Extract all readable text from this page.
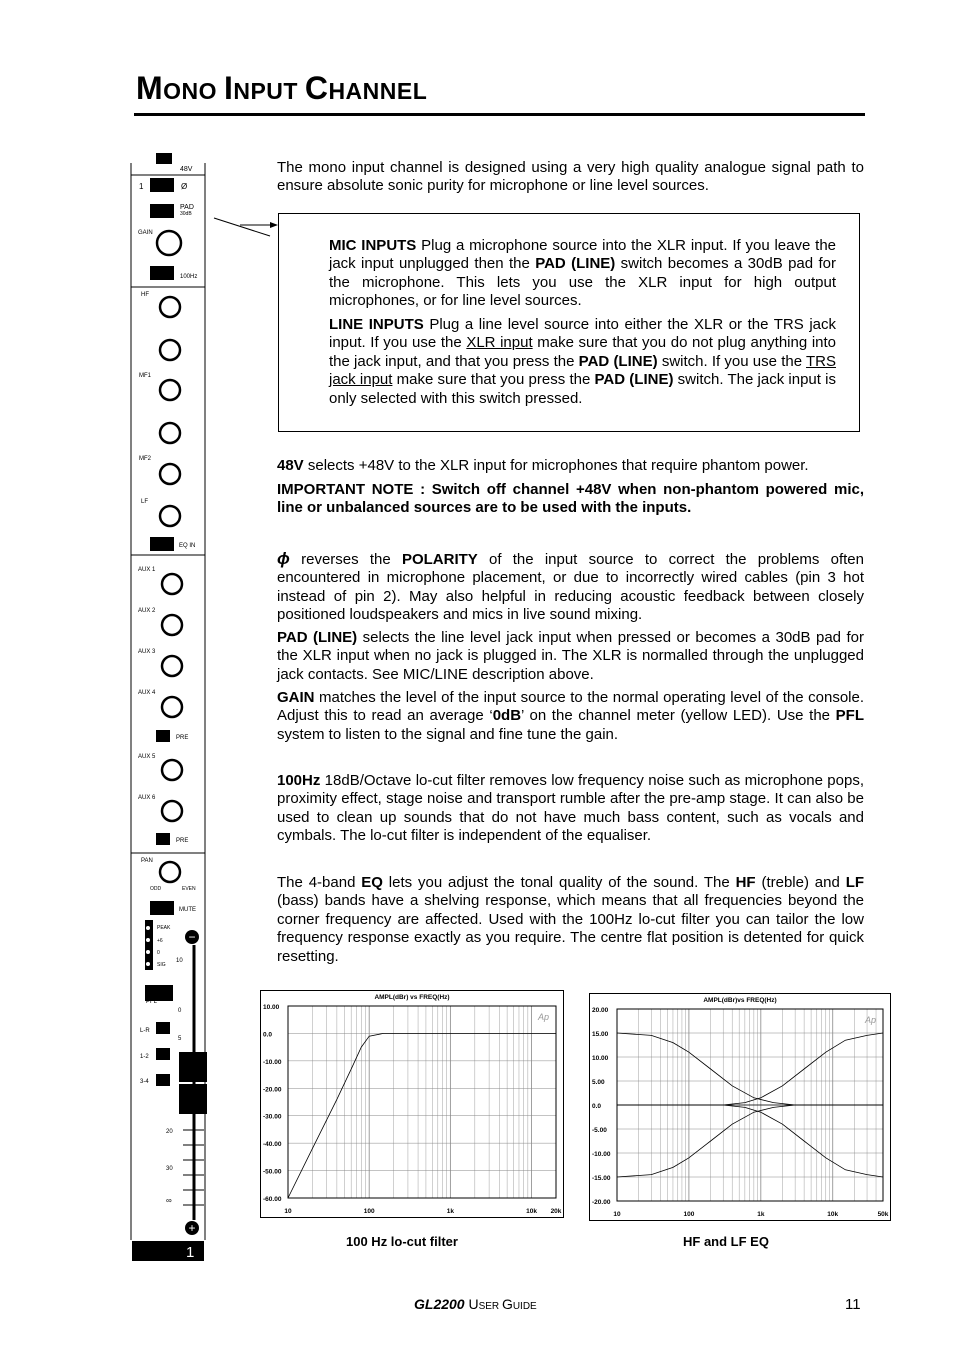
MONO INPUT CHANNEL
−
+
48V
1	Ø
PAD
30dB
GAIN
100Hz
HF
MF1
MF2
LF
EQ IN
AUX 1
AUX 2
AUX 3
AUX 4
PRE
AUX 5
AUX 6
PRE
PAN
ODD	EVEN
MUTE
PEAK
+6
0
SIG
PFL
L-R
1-2
3-4
10
0
5
20
30
∞
1
The mono input channel is designed using a very high quality analogue signal path to ensure absolute sonic purity for microphone or line level sources.
MIC INPUTS Plug a microphone source into the XLR input. If you leave the jack input unplugged then the PAD (LINE) switch becomes a 30dB pad for the microphone. This lets you use the XLR input for high output microphones, or for line level sources.
LINE INPUTS Plug a line level source into either the XLR or the TRS jack input. If you use the XLR input make sure that you do not plug anything into the jack input, and that you press the PAD (LINE) switch. If you use the TRS jack input make sure that you press the PAD (LINE) switch. The jack input is only selected with this switch pressed.
48V selects +48V to the XLR input for microphones that require phantom power.
IMPORTANT NOTE : Switch off channel +48V when non-phantom powered mic, line or unbalanced sources are to be used with the inputs.
ϕ reverses the POLARITY of the input source to correct the problems often encountered in microphone placement, or due to incorrectly wired cables (pin 3 hot instead of pin 2). May also helpful in reducing acoustic feedback between closely positioned loudspeakers and mics in live sound mixing.
PAD (LINE) selects the line level jack input when pressed or becomes a 30dB pad for the XLR input when no jack is plugged in. The XLR is normalled through the unplugged jack contacts. See MIC/LINE description above.
GAIN matches the level of the input source to the normal operating level of the console. Adjust this to read an average ‘0dB’ on the channel meter (yellow LED). Use the PFL system to listen to the signal and fine tune the gain.
100Hz 18dB/Octave lo-cut filter removes low frequency noise such as microphone pops, proximity effect, stage noise and transport rumble after the pre-amp stage. It can also be used to clean up sounds that do not have much bass content, such as vocals and cymbals. The lo-cut filter is independent of the equaliser.
The 4-band EQ lets you adjust the tonal quality of the sound. The HF (treble) and LF (bass) bands have a shelving response, which means that all frequencies beyond the corner frequency are affected. Used with the 100Hz lo-cut filter you can tailor the low frequency response exactly as you require. The centre flat position is detented for quick resetting.
10.00
0.0
-10.00
-20.00
-30.00
-40.00
-50.00
-60.00
10	100	1k	10k 20k
AMPL(dBr) vs FREQ(Hz)
Ap
20.00
15.00
10.00
5.00
0.0
-5.00
-10.00
-15.00
-20.00
10	100	1k	10k	50k
AMPL(dBr)vs FREQ(Hz)
Ap
100 Hz lo-cut filter	HF and LF EQ
GL2200 USER GUIDE	11
